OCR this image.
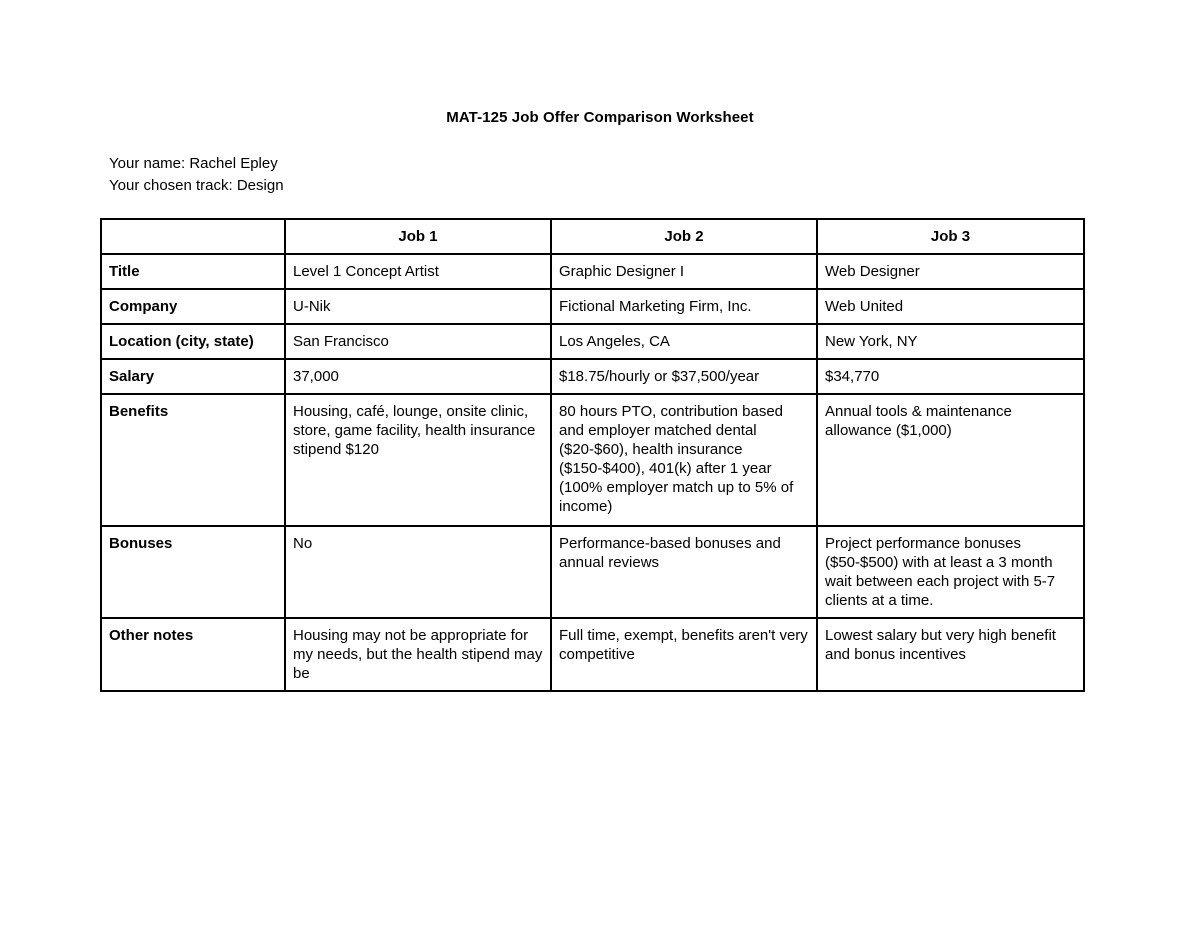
MAT-125 Job Offer Comparison Worksheet
Your name: Rachel Epley
Your chosen track: Design
	Job 1	Job 2	Job 3
Title	Level 1 Concept Artist	Graphic Designer I	Web Designer
Company	U-Nik	Fictional Marketing Firm, Inc.	Web United
Location (city, state)	San Francisco	Los Angeles, CA	New York, NY
Salary	37,000	$18.75/hourly or $37,500/year	$34,770
Benefits	Housing, café, lounge, onsite clinic, store, game facility, health insurance stipend $120	80 hours PTO, contribution based and employer matched dental ($20-$60), health insurance ($150-$400), 401(k) after 1 year (100% employer match up to 5% of income)	Annual tools & maintenance allowance ($1,000)
Bonuses	No	Performance-based bonuses and annual reviews	Project performance bonuses ($50-$500) with at least a 3 month wait between each project with 5-7 clients at a time.
Other notes	Housing may not be appropriate for my needs, but the health stipend may be	Full time, exempt, benefits aren't very competitive	Lowest salary but very high benefit and bonus incentives
